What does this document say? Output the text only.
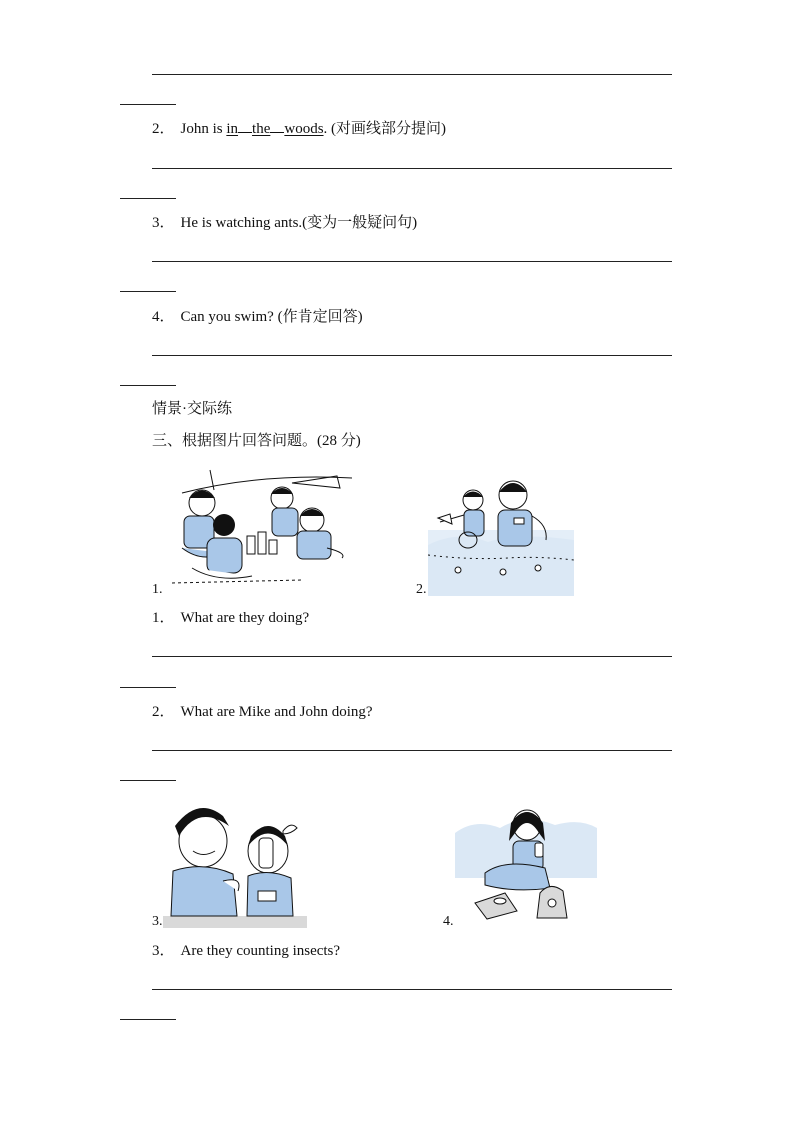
2． John is in the woods. (对画线部分提问)
3． He is watching ants.(变为一般疑问句)
4． Can you swim? (作肯定回答)
情景·交际练
三、根据图片回答问题。(28 分)
1.	2.
1． What are they doing?
2． What are Mike and John doing?
3.	4.
3． Are they counting insects?
